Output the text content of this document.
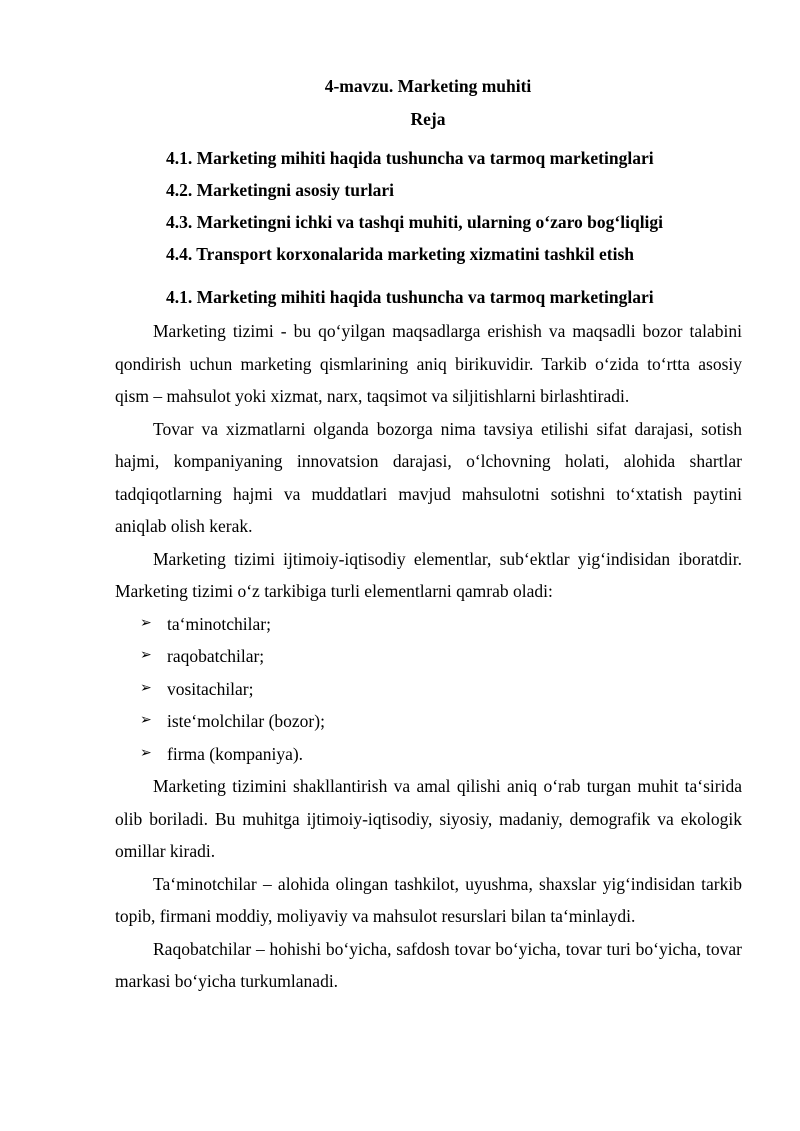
4-mavzu. Marketing muhiti
Reja
4.1. Marketing mihiti haqida tushuncha va tarmoq marketinglari
4.2. Marketingni asosiy turlari
4.3. Marketingni ichki va tashqi muhiti, ularning o‘zaro bog‘liqligi
4.4. Transport korxonalarida marketing xizmatini tashkil etish
4.1. Marketing mihiti haqida tushuncha va tarmoq marketinglari

Marketing tizimi - bu qo‘yilgan maqsadlarga erishish va maqsadli bozor talabini qondirish uchun marketing qismlarining aniq birikuvidir. Tarkib o‘zida to‘rtta asosiy qism – mahsulot yoki xizmat, narx, taqsimot va siljitishlarni birlashtiradi.

Tovar va xizmatlarni olganda bozorga nima tavsiya etilishi sifat darajasi, sotish hajmi, kompaniyaning innovatsion darajasi, o‘lchovning holati, alohida shartlar tadqiqotlarning hajmi va muddatlari mavjud mahsulotni sotishni to‘xtatish paytini aniqlab olish kerak.

Marketing tizimi ijtimoiy-iqtisodiy elementlar, sub‘ektlar yig‘indisidan iboratdir. Marketing tizimi o‘z tarkibiga turli elementlarni qamrab oladi:

➢ ta‘minotchilar;
➢ raqobatchilar;
➢ vositachilar;
➢ iste‘molchilar (bozor);
➢ firma (kompaniya).

Marketing tizimini shakllantirish va amal qilishi aniq o‘rab turgan muhit ta‘sirida olib boriladi. Bu muhitga ijtimoiy-iqtisodiy, siyosiy, madaniy, demografik va ekologik omillar kiradi.

Ta‘minotchilar – alohida olingan tashkilot, uyushma, shaxslar yig‘indisidan tarkib topib, firmani moddiy, moliyaviy va mahsulot resurslari bilan ta‘minlaydi.

Raqobatchilar – hohishi bo‘yicha, safdosh tovar bo‘yicha, tovar turi bo‘yicha, tovar markasi bo‘yicha turkumlanadi.
